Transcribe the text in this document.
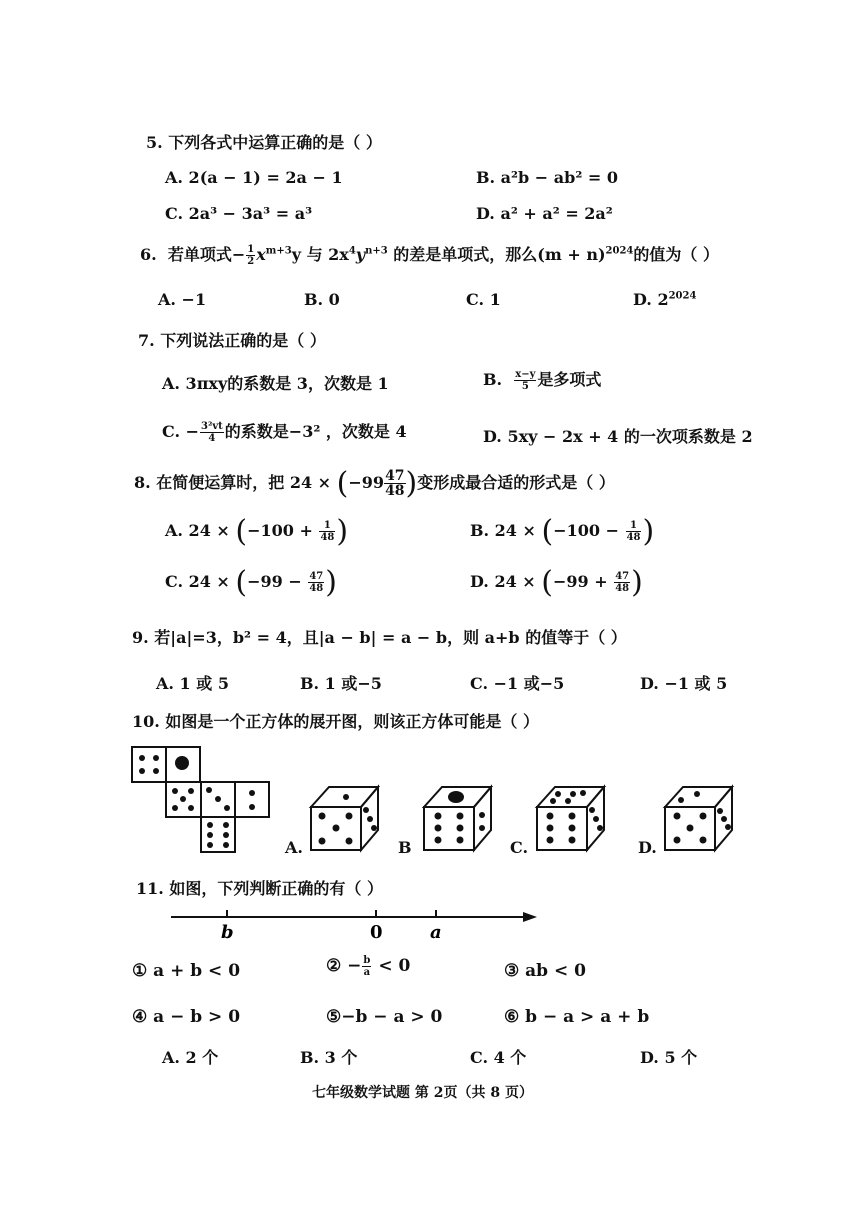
5. 下列各式中运算正确的是（ ）
A. 2(a − 1) = 2a − 1	B. a²b − ab² = 0
C. 2a³ − 3a³ = a³	D. a² + a² = 2a²
6. 若单项式− $\frac{1}{2} x^{m+3}y$ 与 $2x^4y^{n+3}$ 的差是单项式，那么$(m + n)^{2024}$的值为（ ）
A. −1	B. 0	C. 1	D. $2^{2024}$
7. 下列说法正确的是（ ）
A. 3πxy的系数是 3，次数是 1	B. $\frac{x-y}{5}$ 是多项式
C. − $\frac{\text{3²vt}}{4}$ 的系数是−3² ，次数是 4	D. 5xy − 2x + 4 的一次项系数是 2
8. 在简便运算时，把 $24 \times (-99 \frac{47}{48}$ )变形成最合适的形式是（ ）
A. $24 \times (-100 + \frac{1}{48}$ )	B. $24 \times (-100 - \frac{1}{48}$ )
C. $24 \times (-99 - \frac{47}{48}$ )	D. $24 \times (-99 + \frac{47}{48}$ )
9. 若|a|=3，b² = 4，且|a − b| = a − b，则 a+b 的值等于（ ）
A. 1 或 5	B. 1 或−5	C. −1 或−5	D. −1 或 5
10. 如图是一个正方体的展开图，则该正方体可能是（ ）
A.	B	C.	D.
11. 如图，下列判断正确的有（ ）
b	0	a
① a + b < 0	② − $\frac{b}{a} < 0$	③ ab < 0
④ a − b > 0	⑤−b − a > 0	⑥ b − a > a + b
A. 2 个	B. 3 个	C. 4 个	D. 5 个
七年级数学试题 第 2页（共 8 页）
